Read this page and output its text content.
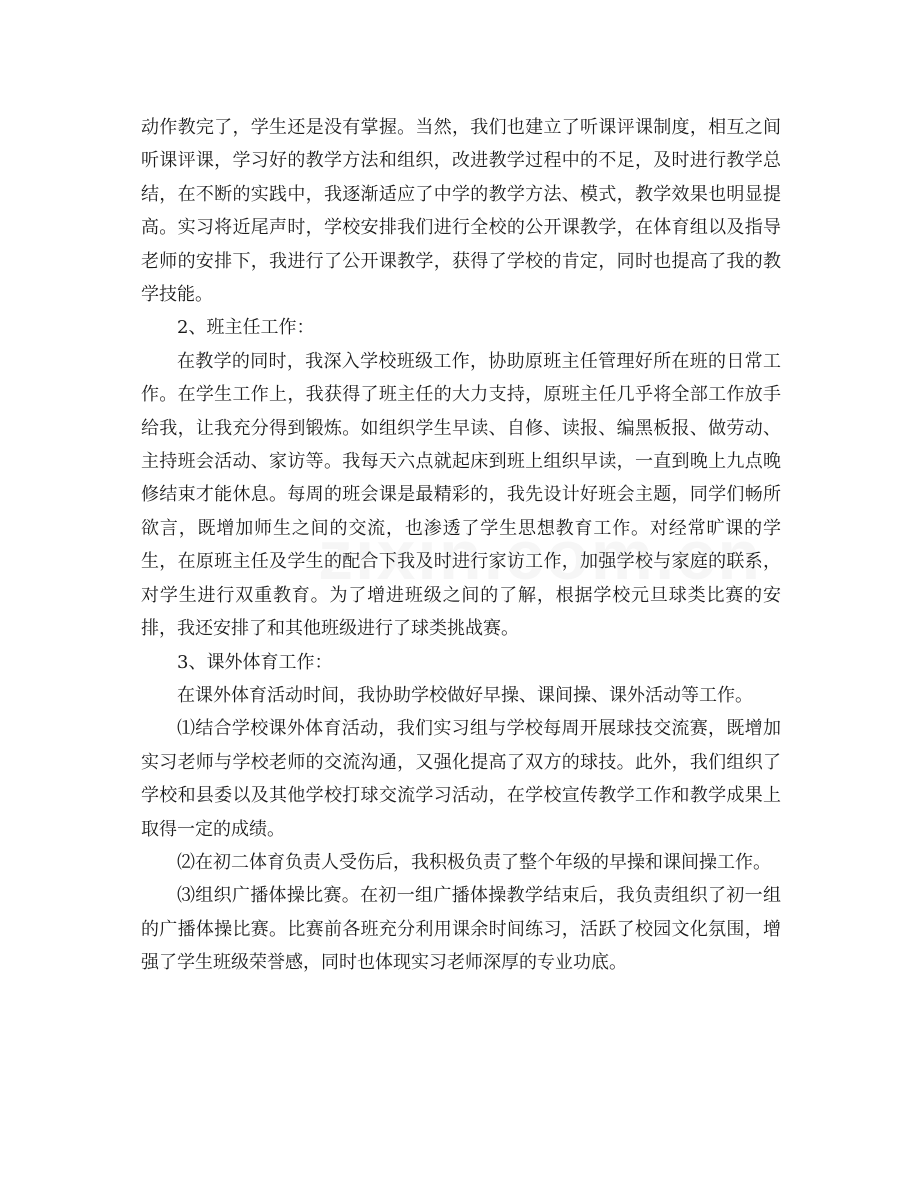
动作教完了，学生还是没有掌握。当然，我们也建立了听课评课制度，相互之间听课评课，学习好的教学方法和组织，改进教学过程中的不足，及时进行教学总结，在不断的实践中，我逐渐适应了中学的教学方法、模式，教学效果也明显提高。实习将近尾声时，学校安排我们进行全校的公开课教学，在体育组以及指导老师的安排下，我进行了公开课教学，获得了学校的肯定，同时也提高了我的教学技能。

2、班主任工作：

在教学的同时，我深入学校班级工作，协助原班主任管理好所在班的日常工作。在学生工作上，我获得了班主任的大力支持，原班主任几乎将全部工作放手给我，让我充分得到锻炼。如组织学生早读、自修、读报、编黑板报、做劳动、主持班会活动、家访等。我每天六点就起床到班上组织早读，一直到晚上九点晚修结束才能休息。每周的班会课是最精彩的，我先设计好班会主题，同学们畅所欲言，既增加师生之间的交流，也渗透了学生思想教育工作。对经常旷课的学生，在原班主任及学生的配合下我及时进行家访工作，加强学校与家庭的联系，对学生进行双重教育。为了增进班级之间的了解，根据学校元旦球类比赛的安排，我还安排了和其他班级进行了球类挑战赛。

3、课外体育工作：

在课外体育活动时间，我协助学校做好早操、课间操、课外活动等工作。

⑴结合学校课外体育活动，我们实习组与学校每周开展球技交流赛，既增加实习老师与学校老师的交流沟通，又强化提高了双方的球技。此外，我们组织了学校和县委以及其他学校打球交流学习活动，在学校宣传教学工作和教学成果上取得一定的成绩。

⑵在初二体育负责人受伤后，我积极负责了整个年级的早操和课间操工作。

⑶组织广播体操比赛。在初一组广播体操教学结束后，我负责组织了初一组的广播体操比赛。比赛前各班充分利用课余时间练习，活跃了校园文化氛围，增强了学生班级荣誉感，同时也体现实习老师深厚的专业功底。
